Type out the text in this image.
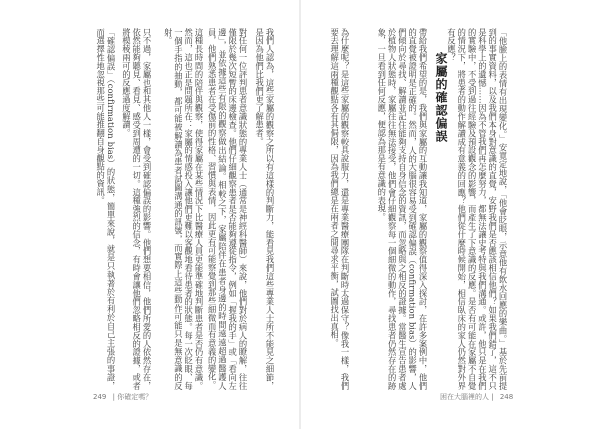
「他臉上的表情有出現變化。」安寬定地說，「他會眨眼，示意他有飲水回應的樂曲。」基於先前提到的事實資料，以及我們本身對意識的直覺，安野我們是否應該相信他們？如果我們錯了，這不只是科學上的遺憾……因為不管我們再怎麼努力，都無法讓史考特與我們溝通。或許，他只是在我們的實驗中，不受到過往經驗及預設觀念的影響，而產生了下意識的反應。是否有可能在家屬不自覺的情況下，將患者的動作解讀成有意義的回應？他們從什麼時候開始，相信臥床的家人仍然對外界有反應？
家屬的確認偏誤
帶給我們希望的是，我們與家屬的互動讓我知道，家屬的觀察值得深入探討，在許多案例中，他們的直覺被證明是正確的。然而，人的大腦很容易受到確認偏誤（confirmation bias）的影響，人們傾向於尋找、解讀並記住能夠支持自身信念的資訊，而忽略與之相反的證據。當醫生宣告患者處於植物人狀態時，家屬往往無法接受，他們會仔細觀察每一個細微的動作，尋找患者仍然存在的跡象，一旦看到任何反應，便認為那是有意識的表現。
為什麼呢？是這些家屬的觀察較具說服力，還是專業醫療團隊在判斷時太過保守？像我一樣，我們要去理解這兩種觀點各有其侷限，因為我們總是在兩者之間尋求平衡，試圖找出真相。
我們人認為，這些家屬的觀察之所以有這樣的判斷力，能看見我們這些專業人士所不能見之細節，是因為他們比我們更了解患者。
對任何一位評判患者意識狀態的專業人士（通常是神經科醫師）來說，他們對於病人的瞭解，往往僅限於幾次短暫的床邊檢查。他們仔細觀察患者是否能夠遵從指令，例如「握我的手」或「看向左邊」，並依據這些有限的觀察做出結論。相較之下，家屬陪伴在患者身邊的時間遠遠超過醫護人員，他們熟悉患者在受傷前的性格、習慣與表情，因此更有可能察覺到那些細微而有意義的變化。
這種長時間的陪伴與觀察，使得家屬在某些情況下比醫療人員更能準確地判斷患者是否仍有意識。然而，這也正是問題所在：家屬的情感投入讓他們更難以客觀地看待患者的狀態。每一次眨眼、每一個手指的抽動，都可能被解讀為患者試圖溝通的訊號，而實際上這些動作可能只是無意識的反射。
只不過，家屬也和其他人一樣，會受到確認偏誤的影響。他們想要相信，他們所愛的人依然存在，依然能夠聽見、看見、感受到周遭的一切。這種強烈的信念，有時會讓他們忽略相反的證據，或者將模稜兩可的反應過度解讀。
「確認偏誤」（confirmation bias）的狀態，簡單來說，就是只執著於有利於自己主張的事證，而選擇性地忽視那些可能推翻自身觀點的資訊。
249 | 你確定嗎？	困在大腦裡的人 | 248
